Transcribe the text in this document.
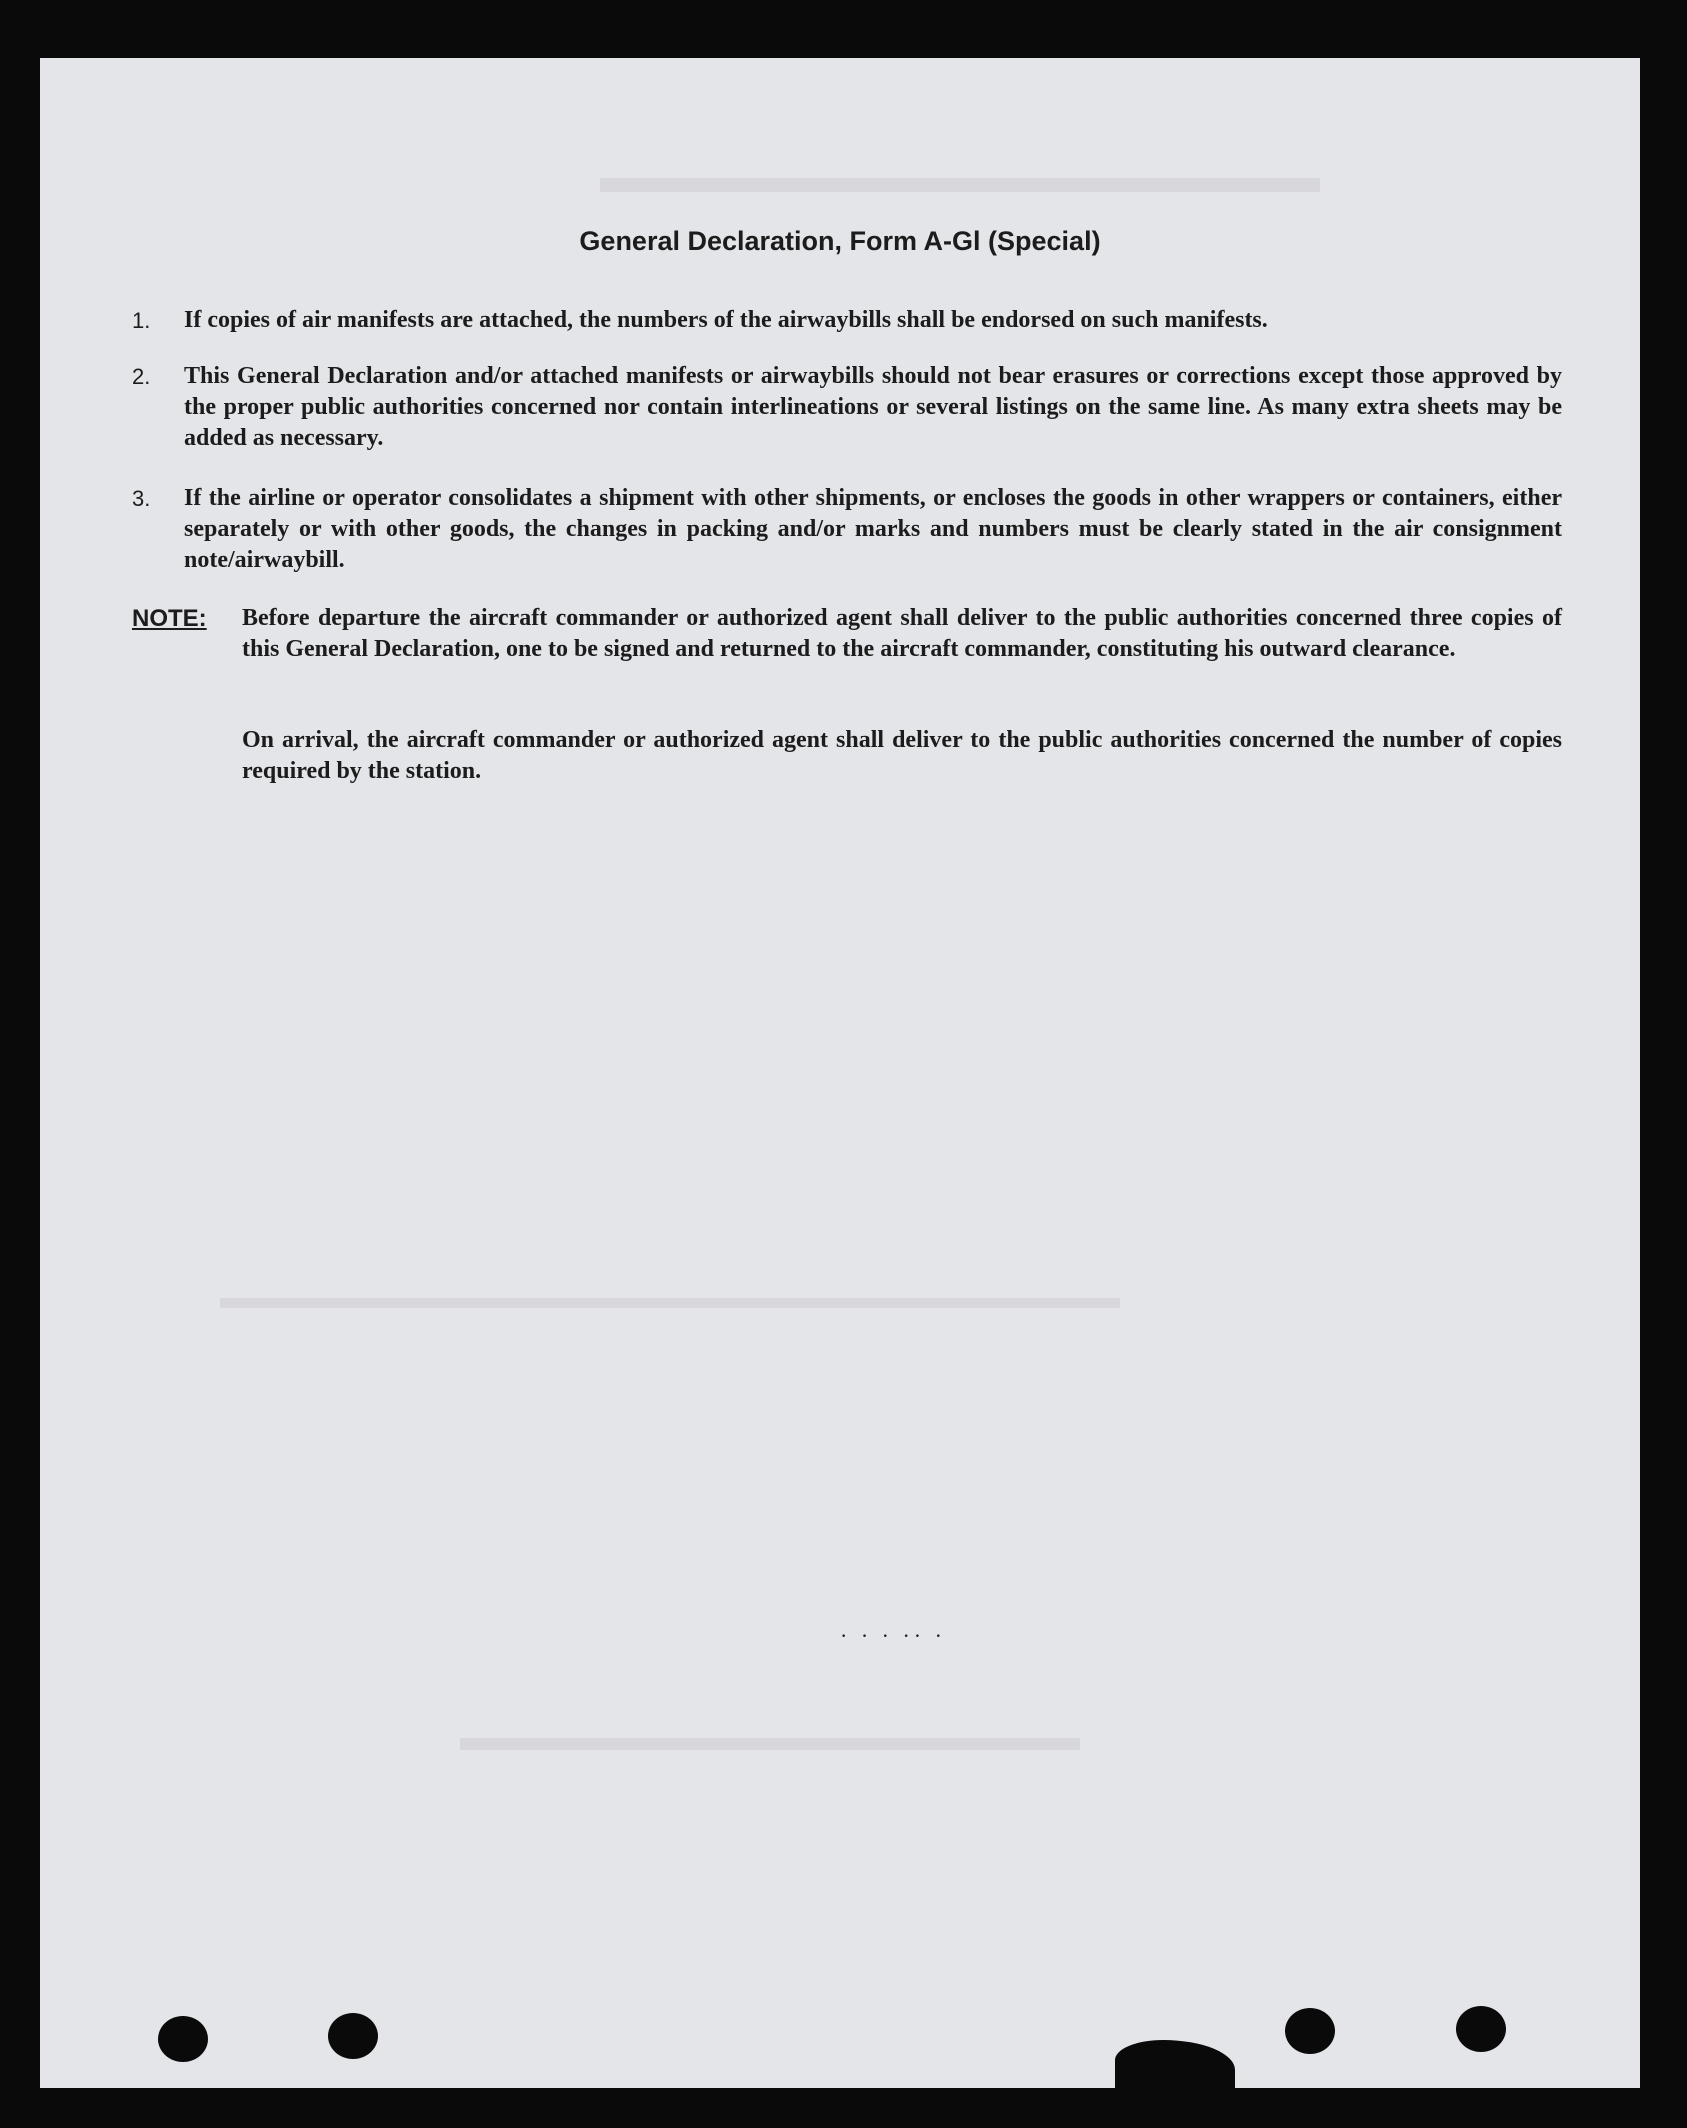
General Declaration, Form A-Gl (Special)
1.	If copies of air manifests are attached, the numbers of the airwaybills shall be endorsed on such manifests.
2.	This General Declaration and/or attached manifests or airwaybills should not bear erasures or corrections except those approved by the proper public authorities concerned nor contain interlineations or several listings on the same line. As many extra sheets may be added as necessary.
3.	If the airline or operator consolidates a shipment with other shipments, or encloses the goods in other wrappers or containers, either separately or with other goods, the changes in packing and/or marks and numbers must be clearly stated in the air consignment note/airwaybill.
NOTE: Before departure the aircraft commander or authorized agent shall deliver to the public authorities concerned three copies of this General Declaration, one to be signed and returned to the aircraft commander, constituting his outward clearance.
On arrival, the aircraft commander or authorized agent shall deliver to the public authorities concerned the number of copies required by the station.
· · · ·· ·
